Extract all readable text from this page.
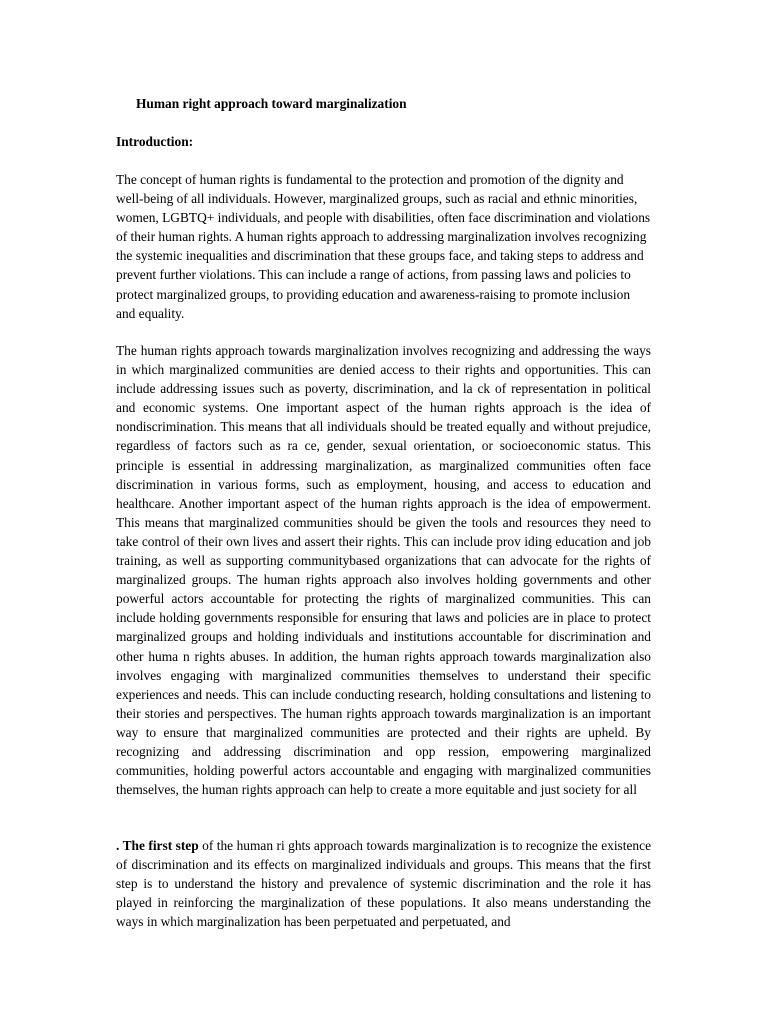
Human right approach toward marginalization
Introduction:

The concept of human rights is fundamental to the protection and promotion of the dignity and well-being of all individuals. However, marginalized groups, such as racial and ethnic minorities, women, LGBTQ+ individuals, and people with disabilities, often face discrimination and violations of their human rights. A human rights approach to addressing marginalization involves recognizing the systemic inequalities and discrimination that these groups face, and taking steps to address and prevent further violations. This can include a range of actions, from passing laws and policies to protect marginalized groups, to providing education and awareness-raising to promote inclusion and equality.

The human rights approach towards marginalization involves recognizing and addressing the ways in which marginalized communities are denied access to their rights and opportunities. This can include addressing issues such as poverty, discrimination, and la ck of representation in political and economic systems. One important aspect of the human rights approach is the idea of nondiscrimination. This means that all individuals should be treated equally and without prejudice, regardless of factors such as ra ce, gender, sexual orientation, or socioeconomic status. This principle is essential in addressing marginalization, as marginalized communities often face discrimination in various forms, such as employment, housing, and access to education and healthcare. Another important aspect of the human rights approach is the idea of empowerment. This means that marginalized communities should be given the tools and resources they need to take control of their own lives and assert their rights. This can include prov iding education and job training, as well as supporting communitybased organizations that can advocate for the rights of marginalized groups. The human rights approach also involves holding governments and other powerful actors accountable for protecting the rights of marginalized communities. This can include holding governments responsible for ensuring that laws and policies are in place to protect marginalized groups and holding individuals and institutions accountable for discrimination and other huma n rights abuses. In addition, the human rights approach towards marginalization also involves engaging with marginalized communities themselves to understand their specific experiences and needs. This can include conducting research, holding consultations and listening to their stories and perspectives. The human rights approach towards marginalization is an important way to ensure that marginalized communities are protected and their rights are upheld. By recognizing and addressing discrimination and opp ression, empowering marginalized communities, holding powerful actors accountable and engaging with marginalized communities themselves, the human rights approach can help to create a more equitable and just society for all

. The first step of the human ri ghts approach towards marginalization is to recognize the existence of discrimination and its effects on marginalized individuals and groups. This means that the first step is to understand the history and prevalence of systemic discrimination and the role it has played in reinforcing the marginalization of these populations. It also means understanding the ways in which marginalization has been perpetuated and perpetuated, and
